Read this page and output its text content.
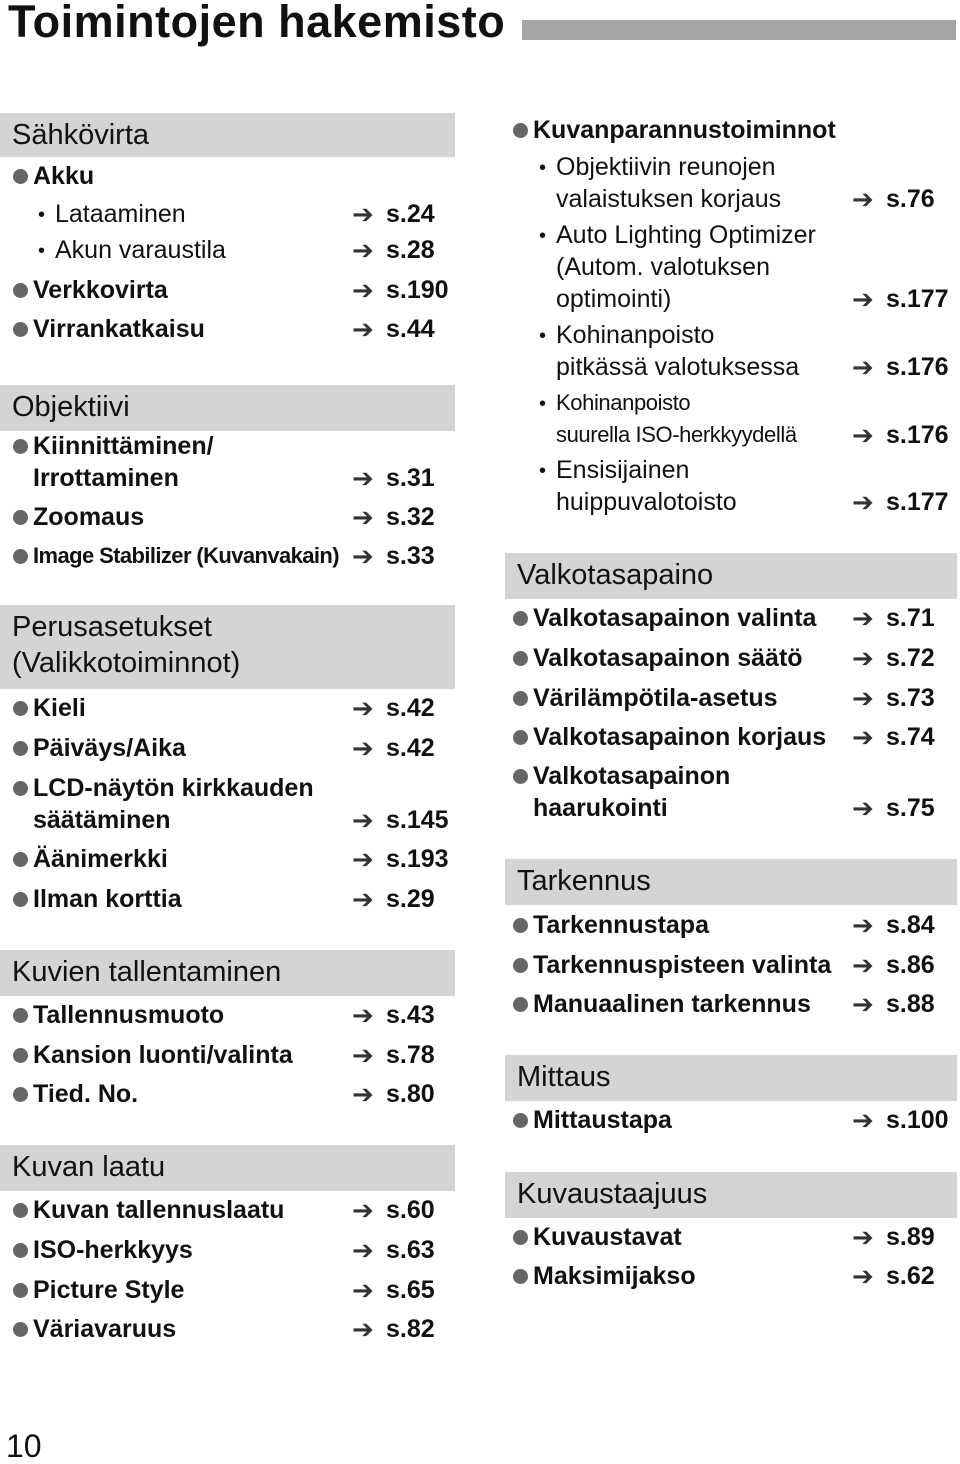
Toimintojen hakemisto
Sähkövirta
Akku
• Lataaminen	➔ s.24
• Akun varaustila	➔ s.28
Verkkovirta	➔ s.190
Virrankatkaisu	➔ s.44
Objektiivi
Kiinnittäminen/
Irrottaminen	➔ s.31
Zoomaus	➔ s.32
Image Stabilizer (Kuvanvakain) ➔ s.33
Perusasetukset
(Valikkotoiminnot)
Kieli	➔ s.42
Päiväys/Aika	➔ s.42
LCD-näytön kirkkauden
säätäminen	➔ s.145
Äänimerkki	➔ s.193
Ilman korttia	➔ s.29
Kuvien tallentaminen
Tallennusmuoto	➔ s.43
Kansion luonti/valinta ➔ s.78
Tied. No.	➔ s.80
Kuvan laatu
Kuvan tallennuslaatu	➔ s.60
ISO-herkkyys	➔ s.63
Picture Style	➔ s.65
Väriavaruus	➔ s.82
Kuvanparannustoiminnot
• Objektiivin reunojen
valaistuksen korjaus	➔ s.76
• Auto Lighting Optimizer
(Autom. valotuksen
optimointi)	➔ s.177
• Kohinanpoisto
pitkässä valotuksessa ➔ s.176
• Kohinanpoisto
suurella ISO-herkkyydellä ➔ s.176
• Ensisijainen
huippuvalotoisto	➔ s.177
Valkotasapaino
Valkotasapainon valinta ➔ s.71
Valkotasapainon säätö ➔ s.72
Värilämpötila-asetus	➔ s.73
Valkotasapainon korjaus ➔ s.74
Valkotasapainon
haarukointi	➔ s.75
Tarkennus
Tarkennustapa	➔ s.84
Tarkennuspisteen valinta ➔ s.86
Manuaalinen tarkennus ➔ s.88
Mittaus
Mittaustapa	➔ s.100
Kuvaustaajuus
Kuvaustavat	➔ s.89
Maksimijakso	➔ s.62
10
